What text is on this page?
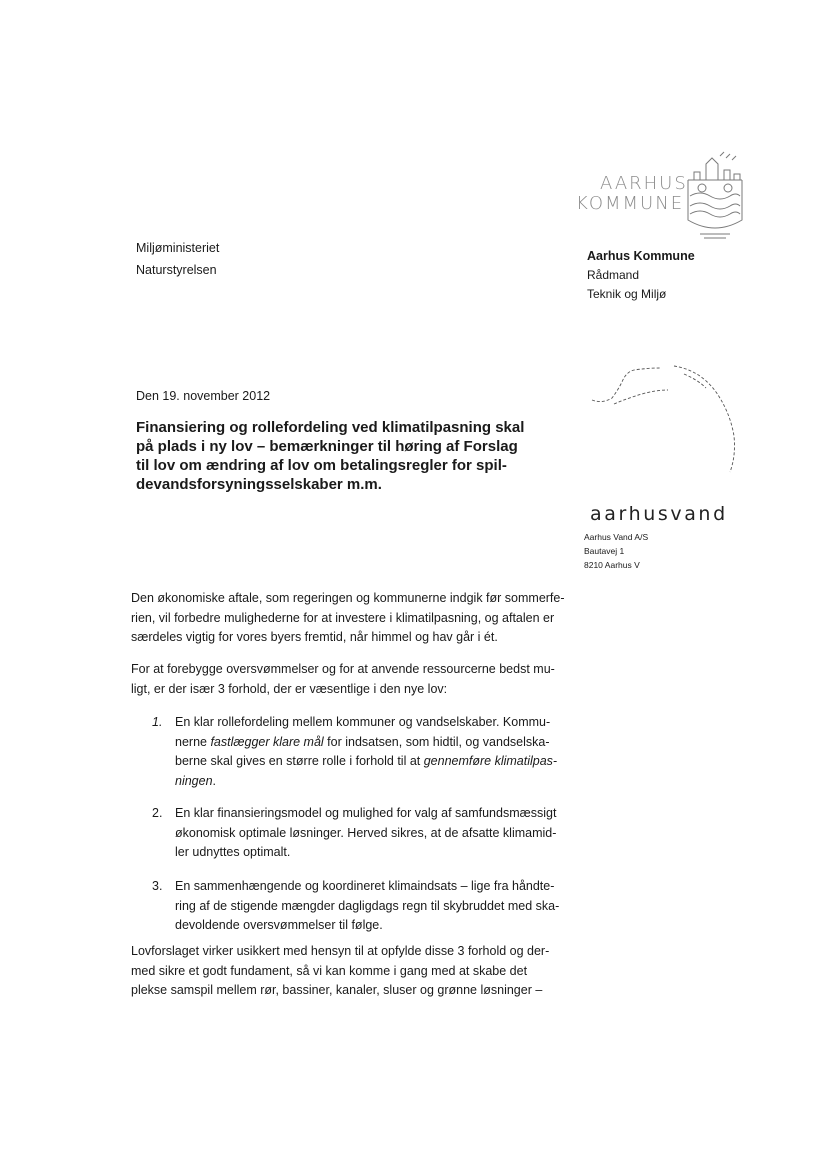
Miljøministeriet
Naturstyrelsen
AARHUS
KOMMUNE
Aarhus Kommune
Rådmand
Teknik og Miljø
Den 19. november 2012
Finansiering og rollefordeling ved klimatilpasning skal
på plads i ny lov – bemærkninger til høring af Forslag
til lov om ændring af lov om betalingsregler for spil-
devandsforsyningsselskaber m.m.
aarhusvand
Aarhus Vand A/S
Bautavej 1
8210 Aarhus V
Den økonomiske aftale, som regeringen og kommunerne indgik før sommerfe-
rien, vil forbedre mulighederne for at investere i klimatilpasning, og aftalen er
særdeles vigtig for vores byers fremtid, når himmel og hav går i ét.
For at forebygge oversvømmelser og for at anvende ressourcerne bedst mu-
ligt, er der især 3 forhold, der er væsentlige i den nye lov:
1. En klar rollefordeling mellem kommuner og vandselskaber. Kommu-
nerne fastlægger klare mål for indsatsen, som hidtil, og vandselska-
berne skal gives en større rolle i forhold til at gennemføre klimatilpas-
ningen.
2. En klar finansieringsmodel og mulighed for valg af samfundsmæssigt
økonomisk optimale løsninger. Herved sikres, at de afsatte klimamid-
ler udnyttes optimalt.
3. En sammenhængende og koordineret klimaindsats – lige fra håndte-
ring af de stigende mængder dagligdags regn til skybruddet med ska-
devoldende oversvømmelser til følge.
Lovforslaget virker usikkert med hensyn til at opfylde disse 3 forhold og der-
med sikre et godt fundament, så vi kan komme i gang med at skabe det
plekse samspil mellem rør, bassiner, kanaler, sluser og grønne løsninger –
